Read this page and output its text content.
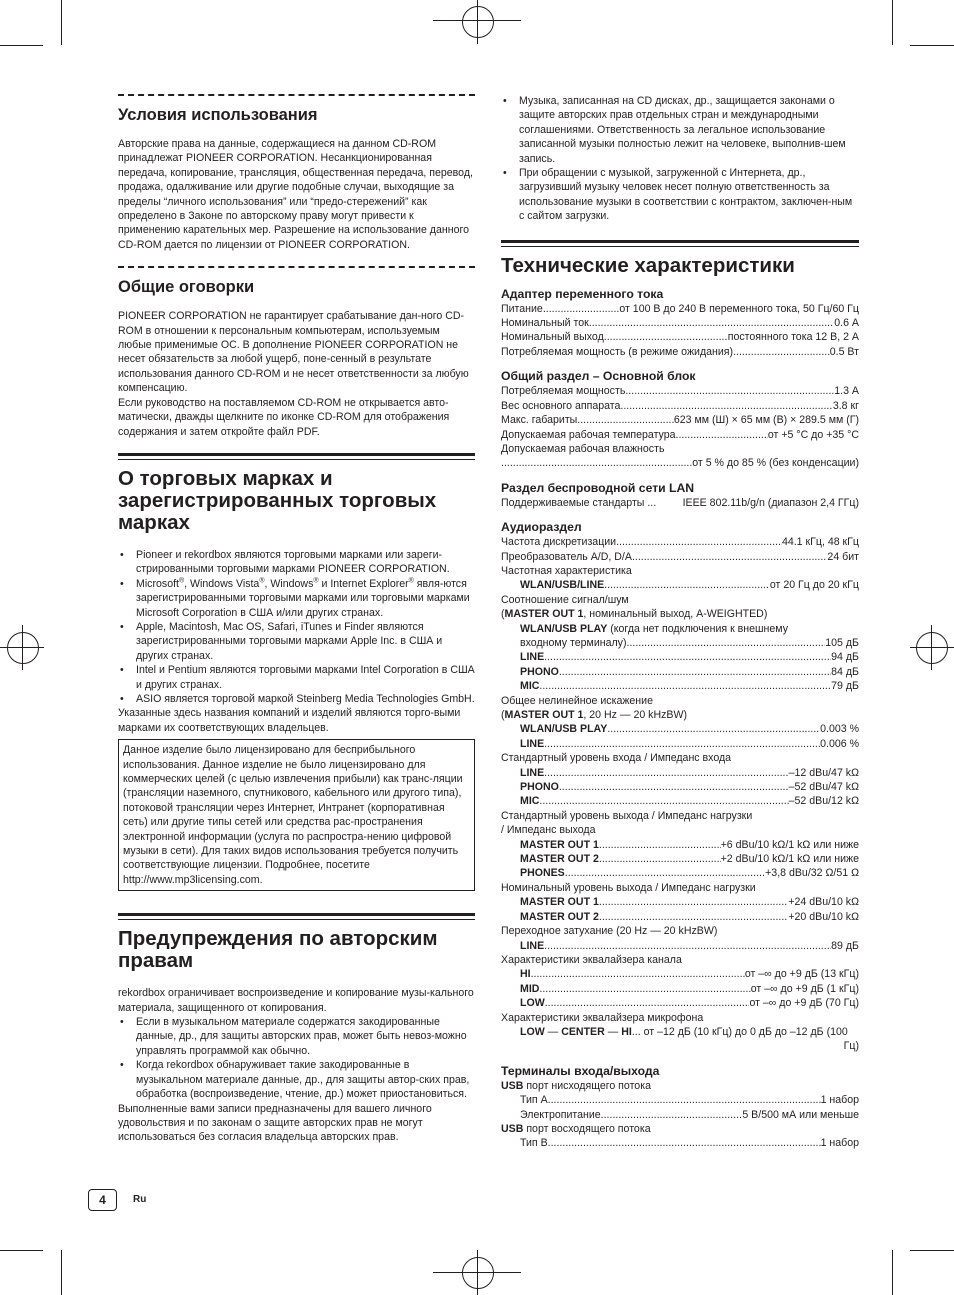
Условия использования

Авторские права на данные, содержащиеся на данном CD-ROM принадлежат PIONEER CORPORATION. Несанкционированная передача, копирование, трансляция, общественная передача, перевод, продажа, одалживание или другие подобные случаи, выходящие за пределы “личного использования” или “предо-стережений” как определено в Законе по авторскому праву могут привести к применению карательных мер. Разрешение на использование данного CD-ROM дается по лицензии от PIONEER CORPORATION.

Общие оговорки

PIONEER CORPORATION не гарантирует срабатывание дан-ного CD-ROM в отношении к персональным компьютерам, используемым любые применимые ОС. В дополнение PIONEER CORPORATION не несет обязательств за любой ущерб, поне-сенный в результате использования данного CD-ROM и не несет ответственности за любую компенсацию.

Если руководство на поставляемом CD-ROM не открывается авто-матически, дважды щелкните по иконке CD-ROM для отображения содержания и затем откройте файл PDF.

О торговых марках и зарегистрированных торговых марках
• Pioneer и rekordbox являются торговыми марками или зареги-стрированными торговыми марками PIONEER CORPORATION.
• Microsoft®, Windows Vista®, Windows® и Internet Explorer® явля-ются зарегистрированными торговыми марками или торговыми марками Microsoft Corporation в США и/или других странах.
• Apple, Macintosh, Mac OS, Safari, iTunes и Finder являются зарегистрированными торговыми марками Apple Inc. в США и других странах.
• Intel и Pentium являются торговыми марками Intel Corporation в США и других странах.
• ASIO является торговой маркой Steinberg Media Technologies GmbH.

Указанные здесь названия компаний и изделий являются торго-выми марками их соответствующих владельцев.

Данное изделие было лицензировано для бесприбыльного использования. Данное изделие не было лицензировано для коммерческих целей (с целью извлечения прибыли) как транс-ляции (трансляции наземного, спутникового, кабельного или другого типа), потоковой трансляции через Интернет, Интранет (корпоративная сеть) или другие типы сетей или средства рас-пространения электронной информации (услуга по распростра-нению цифровой музыки в сети). Для таких видов использования требуется получить соответствующие лицензии. Подробнее, посетите http://www.mp3licensing.com.

Предупреждения по авторским правам

rekordbox ограничивает воспроизведение и копирование музы-кального материала, защищенного от копирования.

• Если в музыкальном материале содержатся закодированные данные, др., для защиты авторских прав, может быть невоз-можно управлять программой как обычно.
• Когда rekordbox обнаруживает такие закодированные в музыкальном материале данные, др., для защиты автор-ских прав, обработка (воспроизведение, чтение, др.) может приостановиться.

Выполненные вами записи предназначены для вашего личного удовольствия и по законам о защите авторских прав не могут использоваться без согласия владельца авторских прав.

• Музыка, записанная на CD дисках, др., защищается законами о защите авторских прав отдельных стран и международными соглашениями. Ответственность за легальное использование записанной музыки полностью лежит на человеке, выполнив-шем запись.
• При обращении с музыкой, загруженной с Интернета, др., загрузивший музыку человек несет полную ответственность за использование музыки в соответствии с контрактом, заключен-ным с сайтом загрузки.
Технические характеристики
Адаптер переменного тока
Питание .....	от 100 В до 240 В переменного тока, 50 Гц/60 Гц
Номинальный ток .....	0.6 А
Номинальный выход .....	постоянного тока 12 В, 2 А
Потребляемая мощность (в режиме ожидания) .....	0.5 Вт
Общий раздел – Основной блок
Потребляемая мощность .....	1.3 А
Вес основного аппарата .....	3.8 кг
Макс. габариты .....	623 мм (Ш) × 65 мм (В) × 289.5 мм (Г)
Допускаемая рабочая температура .....	от +5 °C до +35 °C
Допускаемая рабочая влажность
.....
от 5 % до 85 % (без конденсации)
Раздел беспроводной сети LAN
Поддерживаемые стандарты ... IEEE 802.11b/g/n (диапазон 2,4 ГГц)
Аудиораздел
Частота дискретизации .....	44.1 кГц, 48 кГц
Преобразователь A/D, D/A .....	24 бит
Частотная характеристика
WLAN/USB/LINE .....	от 20 Гц до 20 кГц
Соотношение сигнал/шум
(MASTER OUT 1, номинальный выход, A-WEIGHTED)
WLAN/USB PLAY (когда нет подключения к внешнему
входному терминалу) .....	105 дБ
LINE .....	94 дБ
PHONO .....	84 дБ
MIC .....	79 дБ
Общее нелинейное искажение
(MASTER OUT 1, 20 Hz — 20 kHzBW)
WLAN/USB PLAY .....	0.003 %
LINE .....	0.006 %
Стандартный уровень входа / Импеданс входа
LINE .....	–12 dBu/47 kΩ
PHONO .....	–52 dBu/47 kΩ
MIC .....	–52 dBu/12 kΩ
Стандартный уровень выхода / Импеданс нагрузки
/ Импеданс выхода
MASTER OUT 1 .....	+6 dBu/10 kΩ/1 kΩ или ниже
MASTER OUT 2 .....	+2 dBu/10 kΩ/1 kΩ или ниже
PHONES .....	+3,8 dBu/32 Ω/51 Ω
Номинальный уровень выхода / Импеданс нагрузки
MASTER OUT 1 .....	+24 dBu/10 kΩ
MASTER OUT 2 .....	+20 dBu/10 kΩ
Переходное затухание (20 Hz — 20 kHzBW)
LINE .....	89 дБ
Характеристики эквалайзера канала
HI .....	от –∞ до +9 дБ (13 кГц)
MID .....	от –∞ до +9 дБ (1 кГц)
LOW .....	от –∞ до +9 дБ (70 Гц)
Характеристики эквалайзера микрофона
LOW — CENTER — HI... от –12 дБ (10 кГц) до 0 дБ до –12 дБ (100
Гц)
Терминалы входа/выхода
USB порт нисходящего потока
Тип А .....	1 набор
Электропитание .....	5 В/500 мА или меньше
USB порт восходящего потока
Тип В .....	1 набор
4	Ru
